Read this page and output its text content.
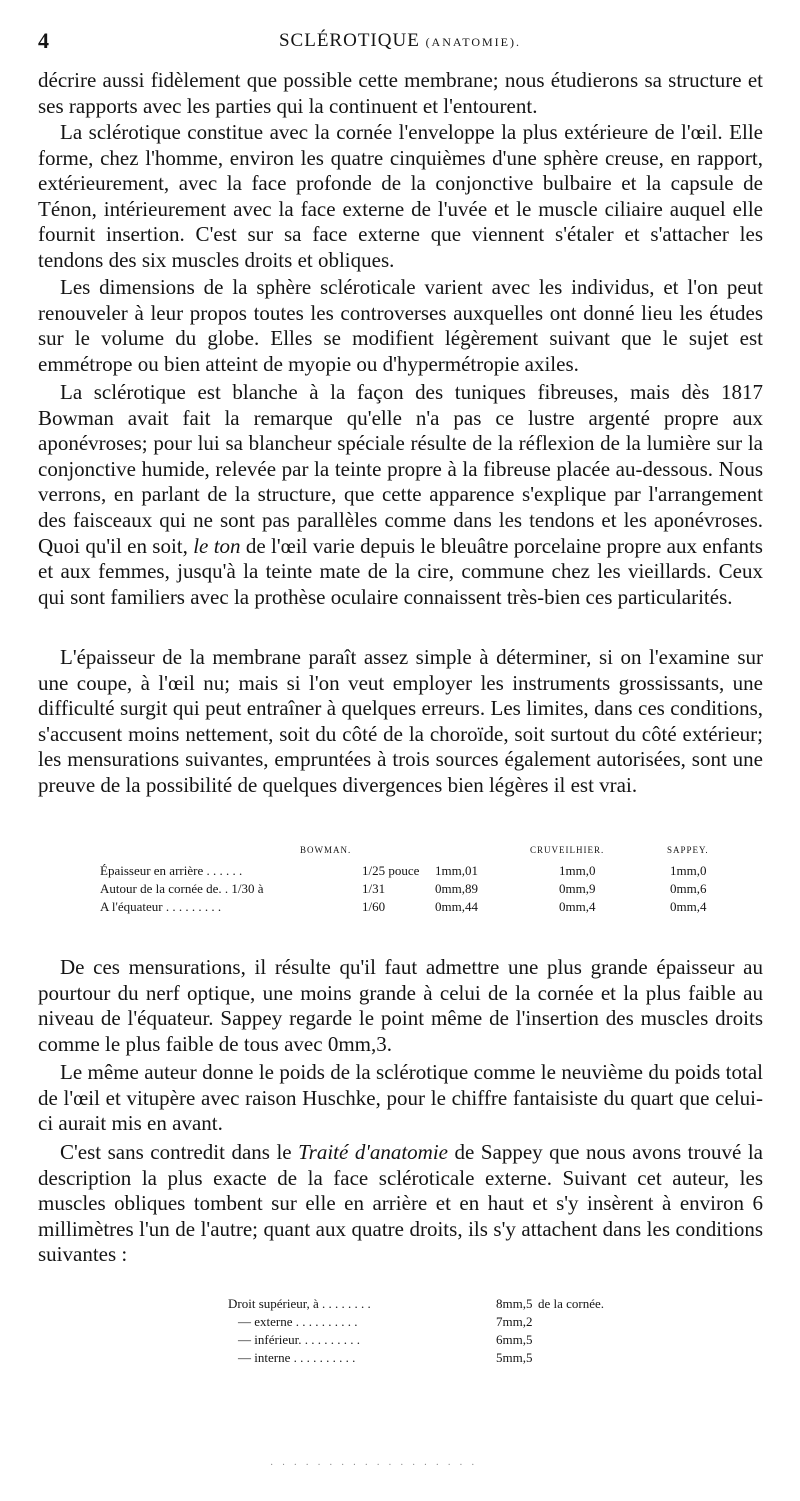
4	SCLÉROTIQUE (ANATOMIE).

décrire aussi fidèlement que possible cette membrane; nous étudierons sa structure et ses rapports avec les parties qui la continuent et l'entourent.

La sclérotique constitue avec la cornée l'enveloppe la plus extérieure de l'œil. Elle forme, chez l'homme, environ les quatre cinquièmes d'une sphère creuse, en rapport, extérieurement, avec la face profonde de la conjonctive bulbaire et la capsule de Ténon, intérieurement avec la face externe de l'uvée et le muscle ciliaire auquel elle fournit insertion. C'est sur sa face externe que viennent s'étaler et s'attacher les tendons des six muscles droits et obliques.

Les dimensions de la sphère scléroticale varient avec les individus, et l'on peut renouveler à leur propos toutes les controverses auxquelles ont donné lieu les études sur le volume du globe. Elles se modifient légèrement suivant que le sujet est emmétrope ou bien atteint de myopie ou d'hypermétropie axiles.

La sclérotique est blanche à la façon des tuniques fibreuses, mais dès 1817 Bowman avait fait la remarque qu'elle n'a pas ce lustre argenté propre aux aponévroses; pour lui sa blancheur spéciale résulte de la réflexion de la lumière sur la conjonctive humide, relevée par la teinte propre à la fibreuse placée au-dessous. Nous verrons, en parlant de la structure, que cette apparence s'explique par l'arrangement des faisceaux qui ne sont pas parallèles comme dans les tendons et les aponévroses. Quoi qu'il en soit, le ton de l'œil varie depuis le bleuâtre porcelaine propre aux enfants et aux femmes, jusqu'à la teinte mate de la cire, commune chez les vieillards. Ceux qui sont familiers avec la prothèse oculaire connaissent très-bien ces particularités.

L'épaisseur de la membrane paraît assez simple à déterminer, si on l'examine sur une coupe, à l'œil nu; mais si l'on veut employer les instruments grossissants, une difficulté surgit qui peut entraîner à quelques erreurs. Les limites, dans ces conditions, s'accusent moins nettement, soit du côté de la choroïde, soit surtout du côté extérieur; les mensurations suivantes, empruntées à trois sources également autorisées, sont une preuve de la possibilité de quelques divergences bien légères il est vrai.

BOWMAN.	CRUVEILHIER.	SAPPEY.
Épaisseur en arrière . . . . . .	1/25 pouce 1mm,01	1mm,0	1mm,0
Autour de la cornée de. . 1/30 à	1/31	0mm,89	0mm,9	0mm,6
A l'équateur . . . . . . . . .	1/60	0mm,44	0mm,4	0mm,4

De ces mensurations, il résulte qu'il faut admettre une plus grande épaisseur au pourtour du nerf optique, une moins grande à celui de la cornée et la plus faible au niveau de l'équateur. Sappey regarde le point même de l'insertion des muscles droits comme le plus faible de tous avec 0mm,3.

Le même auteur donne le poids de la sclérotique comme le neuvième du poids total de l'œil et vitupère avec raison Huschke, pour le chiffre fantaisiste du quart que celui-ci aurait mis en avant.

C'est sans contredit dans le Traité d'anatomie de Sappey que nous avons trouvé la description la plus exacte de la face scléroticale externe. Suivant cet auteur, les muscles obliques tombent sur elle en arrière et en haut et s'y insèrent à environ 6 millimètres l'un de l'autre; quant aux quatre droits, ils s'y attachent dans les conditions suivantes :

Droit supérieur, à . . . . . . . .	8mm,5 de la cornée.
— externe . . . . . . . . . .	7mm,2
— inférieur. . . . . . . . . .	6mm,5
— interne . . . . . . . . . .	5mm,5
· · · · · · · · · · · · · · · · · ·
